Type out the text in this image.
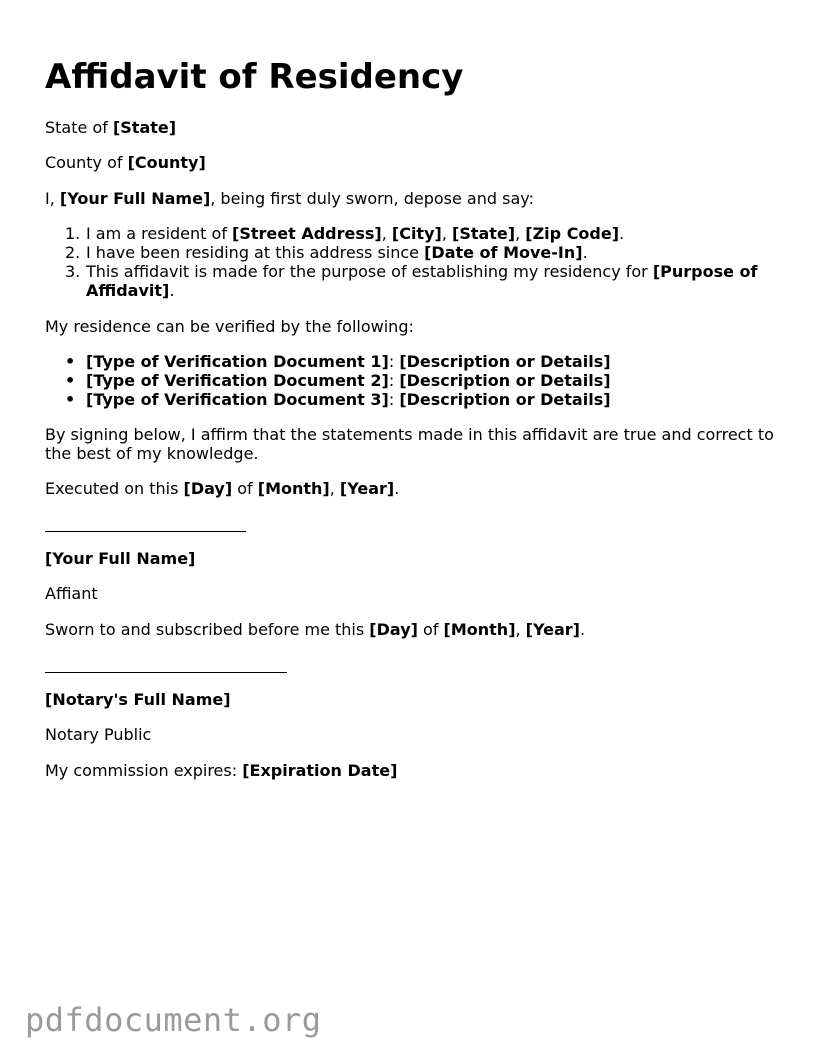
Affidavit of Residency

State of [State]

County of [County]

I, [Your Full Name], being first duly sworn, depose and say:

1. I am a resident of [Street Address], [City], [State], [Zip Code].
2. I have been residing at this address since [Date of Move-In].
3. This affidavit is made for the purpose of establishing my residency for [Purpose of Affidavit].

My residence can be verified by the following:

• [Type of Verification Document 1]: [Description or Details]
• [Type of Verification Document 2]: [Description or Details]
• [Type of Verification Document 3]: [Description or Details]

By signing below, I affirm that the statements made in this affidavit are true and correct to the best of my knowledge.

Executed on this [Day] of [Month], [Year].

[Your Full Name]

Affiant

Sworn to and subscribed before me this [Day] of [Month], [Year].

[Notary's Full Name]

Notary Public

My commission expires: [Expiration Date]

pdfdocument.org
